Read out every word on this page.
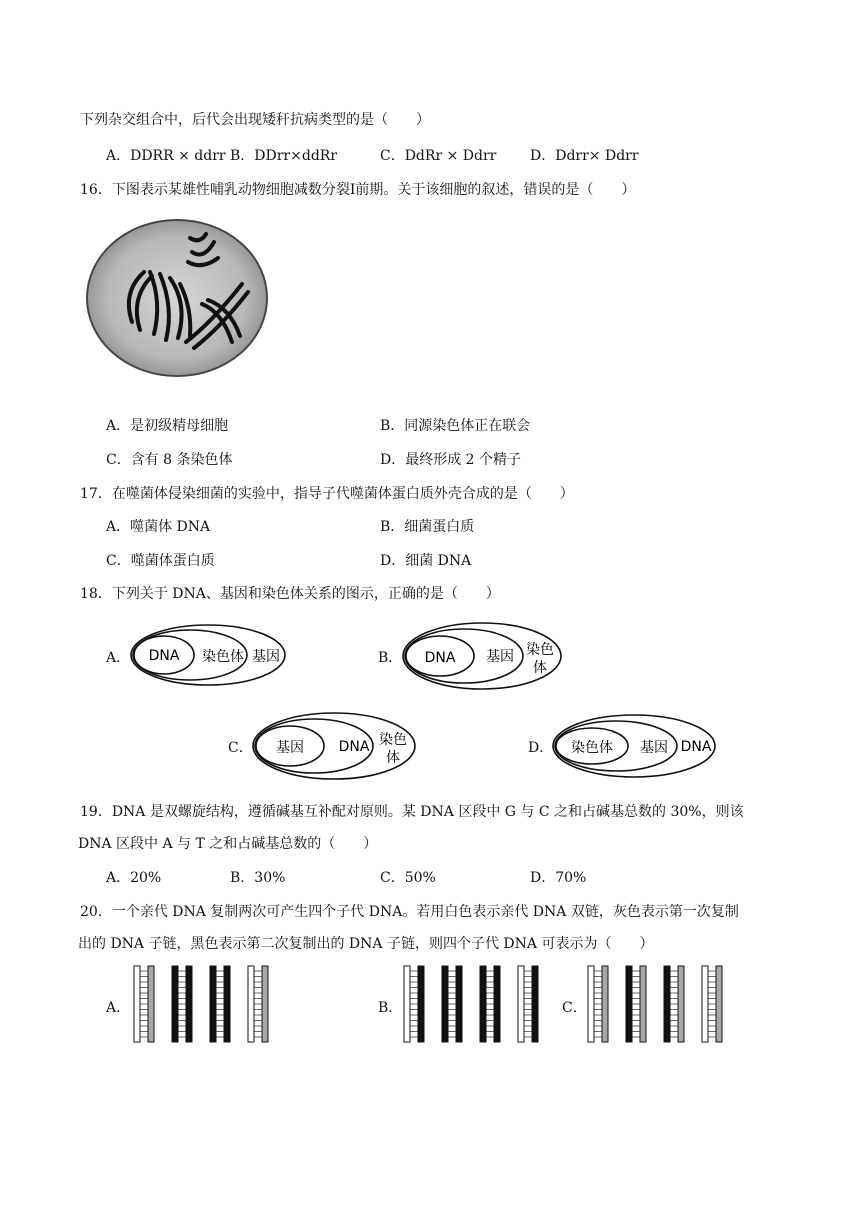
下列杂交组合中，后代会出现矮秆抗病类型的是（　　）
A．DDRR × ddrr B．DDrr×ddRr	C．DdRr × Ddrr D．Ddrr× Ddrr
16．下图表示某雄性哺乳动物细胞减数分裂Ⅰ前期。关于该细胞的叙述，错误的是（　　）
A．是初级精母细胞	B．同源染色体正在联会
C．含有 8 条染色体	D．最终形成 2 个精子
17．在噬菌体侵染细菌的实验中，指导子代噬菌体蛋白质外壳合成的是（　　）
A．噬菌体 DNA	B．细菌蛋白质
C．噬菌体蛋白质	D．细菌 DNA
18．下列关于 DNA、基因和染色体关系的图示，正确的是（　　）
A． DNA 染色体 基因	B． DNA 基因 染色
体
C． 基因 DNA 染色
体
D． 染色体 基因 DNA
19．DNA 是双螺旋结构，遵循碱基互补配对原则。某 DNA 区段中 G 与 C 之和占碱基总数的 30%，则该
DNA 区段中 A 与 T 之和占碱基总数的（　　）
A．20%	B．30%	C．50%	D．70%
20．一个亲代 DNA 复制两次可产生四个子代 DNA。若用白色表示亲代 DNA 双链，灰色表示第一次复制
出的 DNA 子链，黑色表示第二次复制出的 DNA 子链，则四个子代 DNA 可表示为（　　）
A．	B．	C．
